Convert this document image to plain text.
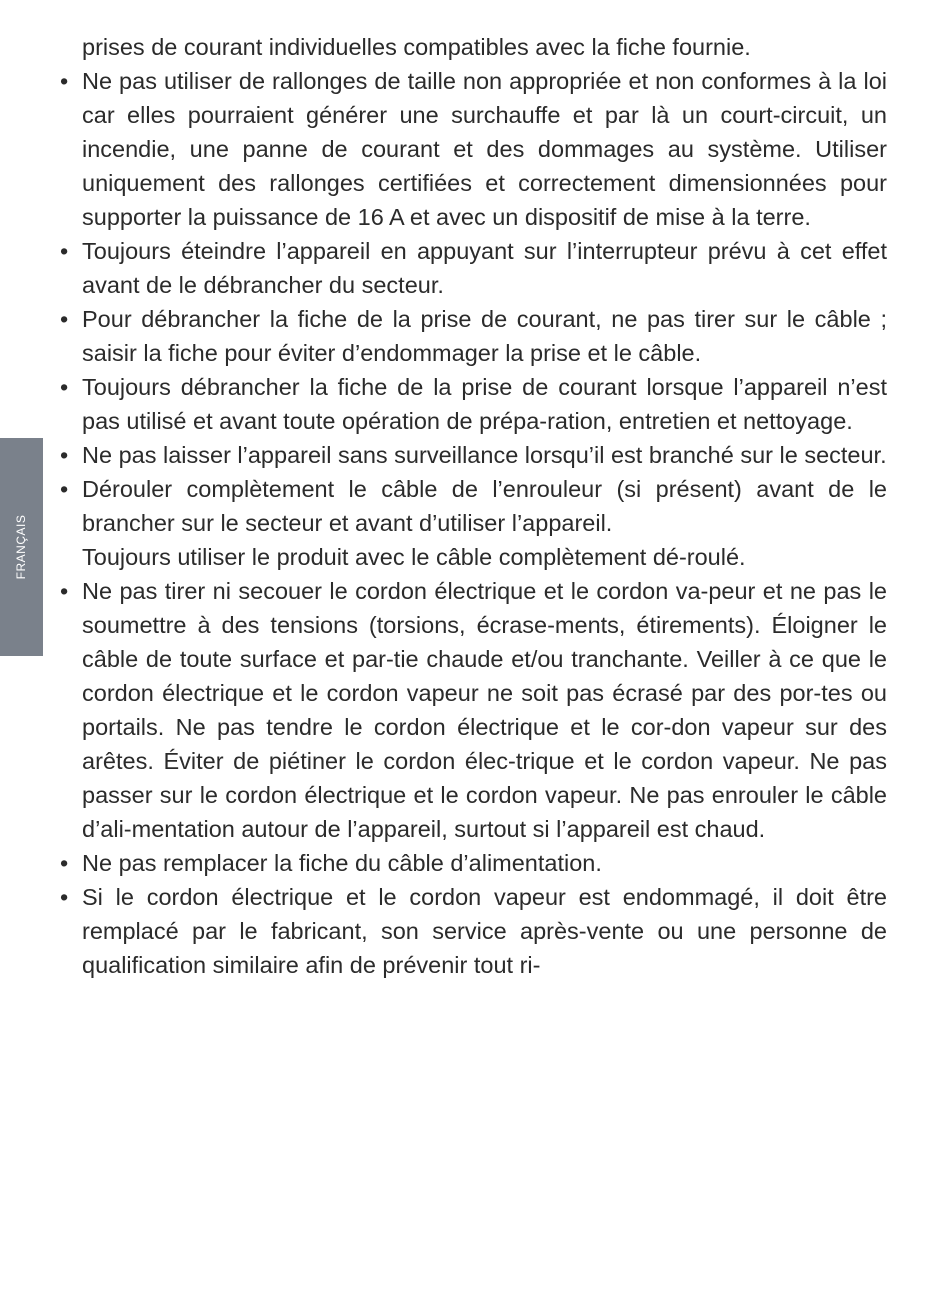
FRANÇAIS

prises de courant individuelles compatibles avec la fiche fournie.

• Ne pas utiliser de rallonges de taille non appropriée et non conformes à la loi car elles pourraient générer une surchauffe et par là un court-circuit, un incendie, une panne de courant et des dommages au système. Utiliser uniquement des rallonges certifiées et correctement dimensionnées pour supporter la puissance de 16 A et avec un dispositif de mise à la terre.

• Toujours éteindre l’appareil en appuyant sur l’interrupteur prévu à cet effet avant de le débrancher du secteur.

• Pour débrancher la fiche de la prise de courant, ne pas tirer sur le câble ; saisir la fiche pour éviter d’endommager la prise et le câble.

• Toujours débrancher la fiche de la prise de courant lorsque l’appareil n’est pas utilisé et avant toute opération de prépa-ration, entretien et nettoyage.

• Ne pas laisser l’appareil sans surveillance lorsqu’il est branché sur le secteur.

• Dérouler complètement le câble de l’enrouleur (si présent) avant de le brancher sur le secteur et avant d’utiliser l’appareil.

Toujours utiliser le produit avec le câble complètement dé-roulé.

• Ne pas tirer ni secouer le cordon électrique et le cordon va-peur et ne pas le soumettre à des tensions (torsions, écrase-ments, étirements). Éloigner le câble de toute surface et par-tie chaude et/ou tranchante. Veiller à ce que le cordon électrique et le cordon vapeur ne soit pas écrasé par des por-tes ou portails. Ne pas tendre le cordon électrique et le cor-don vapeur sur des arêtes. Éviter de piétiner le cordon élec-trique et le cordon vapeur. Ne pas passer sur le cordon électrique et le cordon vapeur. Ne pas enrouler le câble d’ali-mentation autour de l’appareil, surtout si l’appareil est chaud.

• Ne pas remplacer la fiche du câble d’alimentation.

• Si le cordon électrique et le cordon vapeur est endommagé, il doit être remplacé par le fabricant, son service après-vente ou une personne de qualification similaire afin de prévenir tout ri-
